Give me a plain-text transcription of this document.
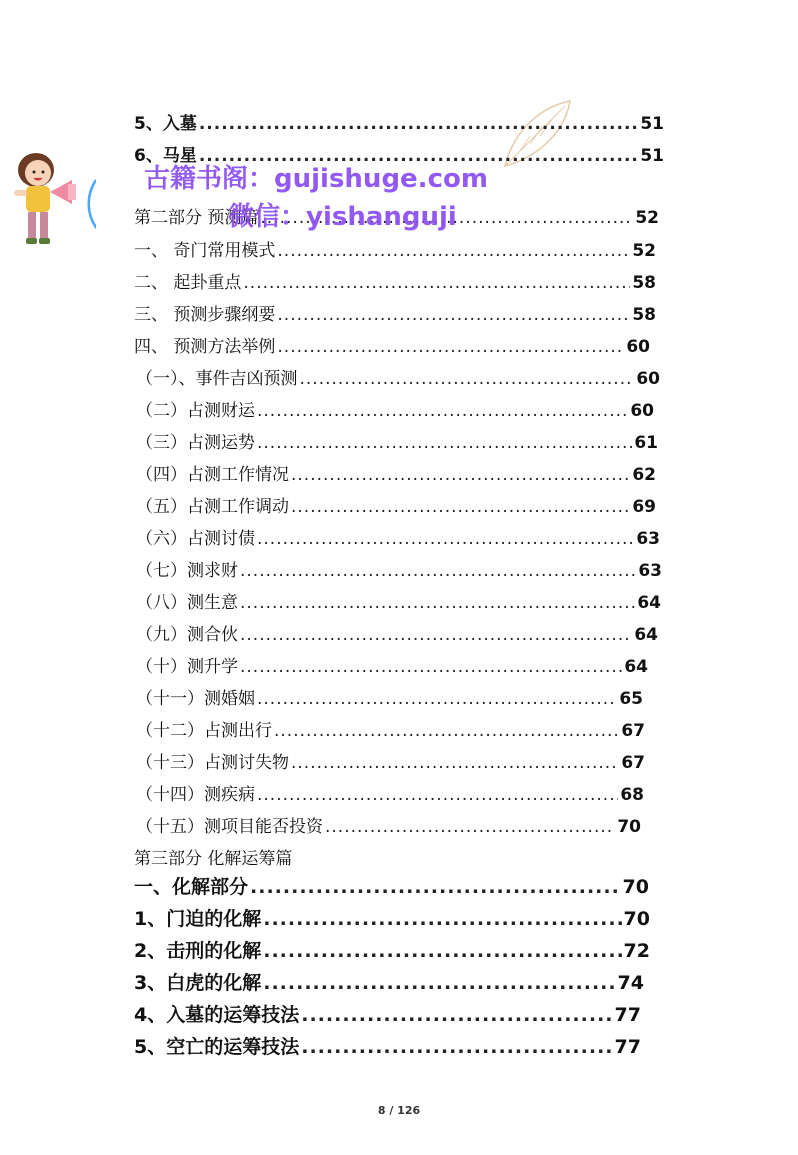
5、入墓 .....	51
6、马星 .....	51
第二部分 预测篇 .....	52
一、 奇门常用模式 .....	52
二、 起卦重点 .....	58
三、 预测步骤纲要 .....	58
四、 预测方法举例 .....	60
（一）、事件吉凶预测 .....	60
（二）占测财运 .....	60
（三）占测运势 .....	61
（四）占测工作情况 .....	62
（五）占测工作调动 .....	69
（六）占测讨债 .....	63
（七）测求财 .....	63
（八）测生意 .....	64
（九）测合伙 .....	64
（十）测升学 .....	64
（十一）测婚姻 .....	65
（十二）占测出行 .....	67
（十三）占测讨失物 .....	67
（十四）测疾病 .....	68
（十五）测项目能否投资 .....	70
一、化解部分 .....	70
1、门迫的化解 .....	70
2、击刑的化解 .....	72
3、白虎的化解 .....	74
4、入墓的运筹技法 .....	77
5、空亡的运筹技法 .....	77
第三部分 化解运筹篇
古籍书阁：gujishuge.com
微信：yishanguji
8 / 126
